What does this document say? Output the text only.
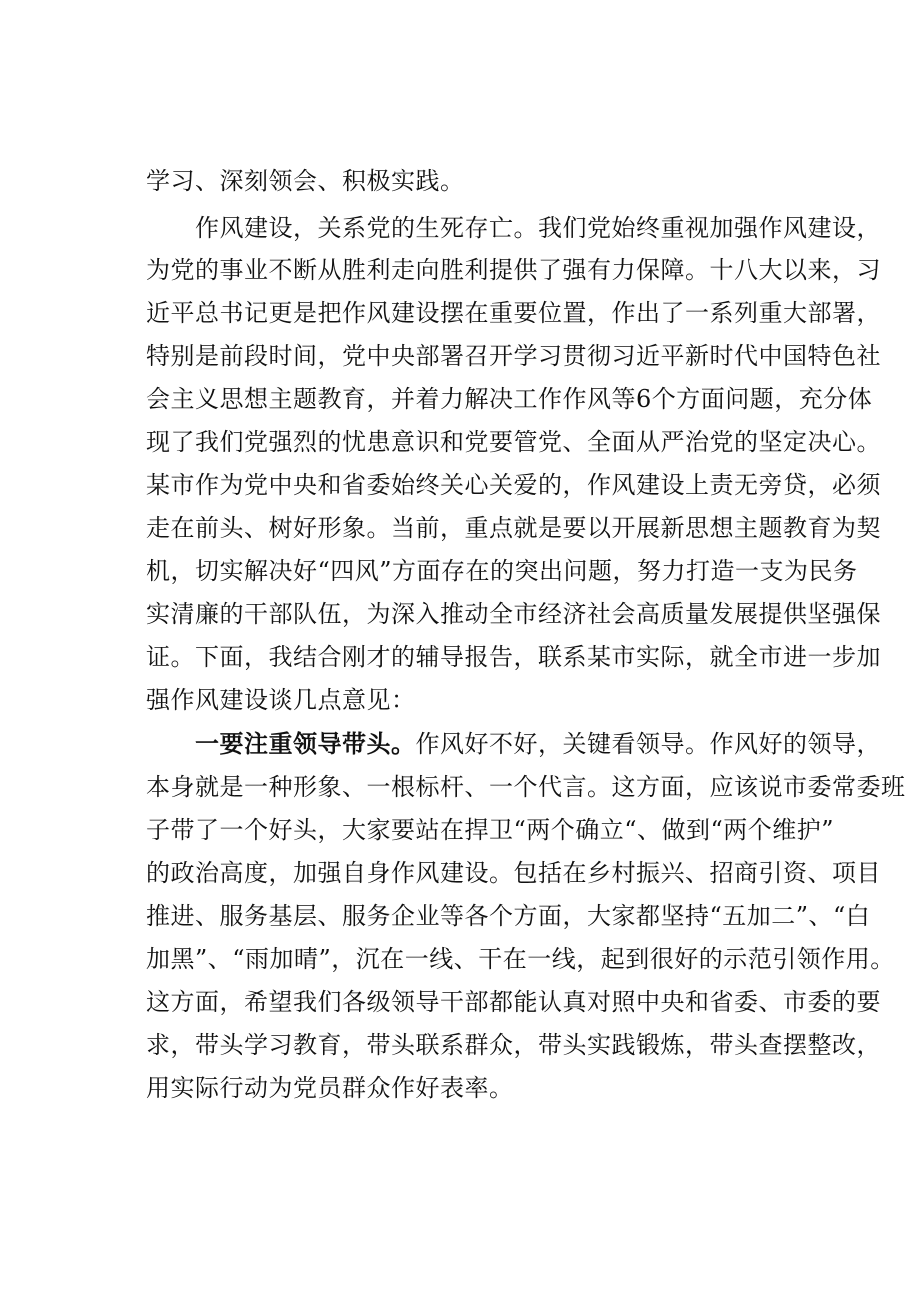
学习、深刻领会、积极实践。
作风建设，关系党的生死存亡。我们党始终重视加强作风建设，
为党的事业不断从胜利走向胜利提供了强有力保障。十八大以来，习
近平总书记更是把作风建设摆在重要位置，作出了一系列重大部署，
特别是前段时间，党中央部署召开学习贯彻习近平新时代中国特色社
会主义思想主题教育，并着力解决工作作风等6个方面问题，充分体
现了我们党强烈的忧患意识和党要管党、全面从严治党的坚定决心。
某市作为党中央和省委始终关心关爱的，作风建设上责无旁贷，必须
走在前头、树好形象。当前，重点就是要以开展新思想主题教育为契
机，切实解决好“四风”方面存在的突出问题，努力打造一支为民务
实清廉的干部队伍，为深入推动全市经济社会高质量发展提供坚强保
证。下面，我结合刚才的辅导报告，联系某市实际，就全市进一步加
强作风建设谈几点意见：
一要注重领导带头。作风好不好，关键看领导。作风好的领导，
本身就是一种形象、一根标杆、一个代言。这方面，应该说市委常委班
子带了一个好头，大家要站在捍卫“两个确立“、做到“两个维护”
的政治高度，加强自身作风建设。包括在乡村振兴、招商引资、项目
推进、服务基层、服务企业等各个方面，大家都坚持“五加二”、“白
加黑”、“雨加晴”，沉在一线、干在一线，起到很好的示范引领作用。
这方面，希望我们各级领导干部都能认真对照中央和省委、市委的要
求，带头学习教育，带头联系群众，带头实践锻炼，带头查摆整改，
用实际行动为党员群众作好表率。
